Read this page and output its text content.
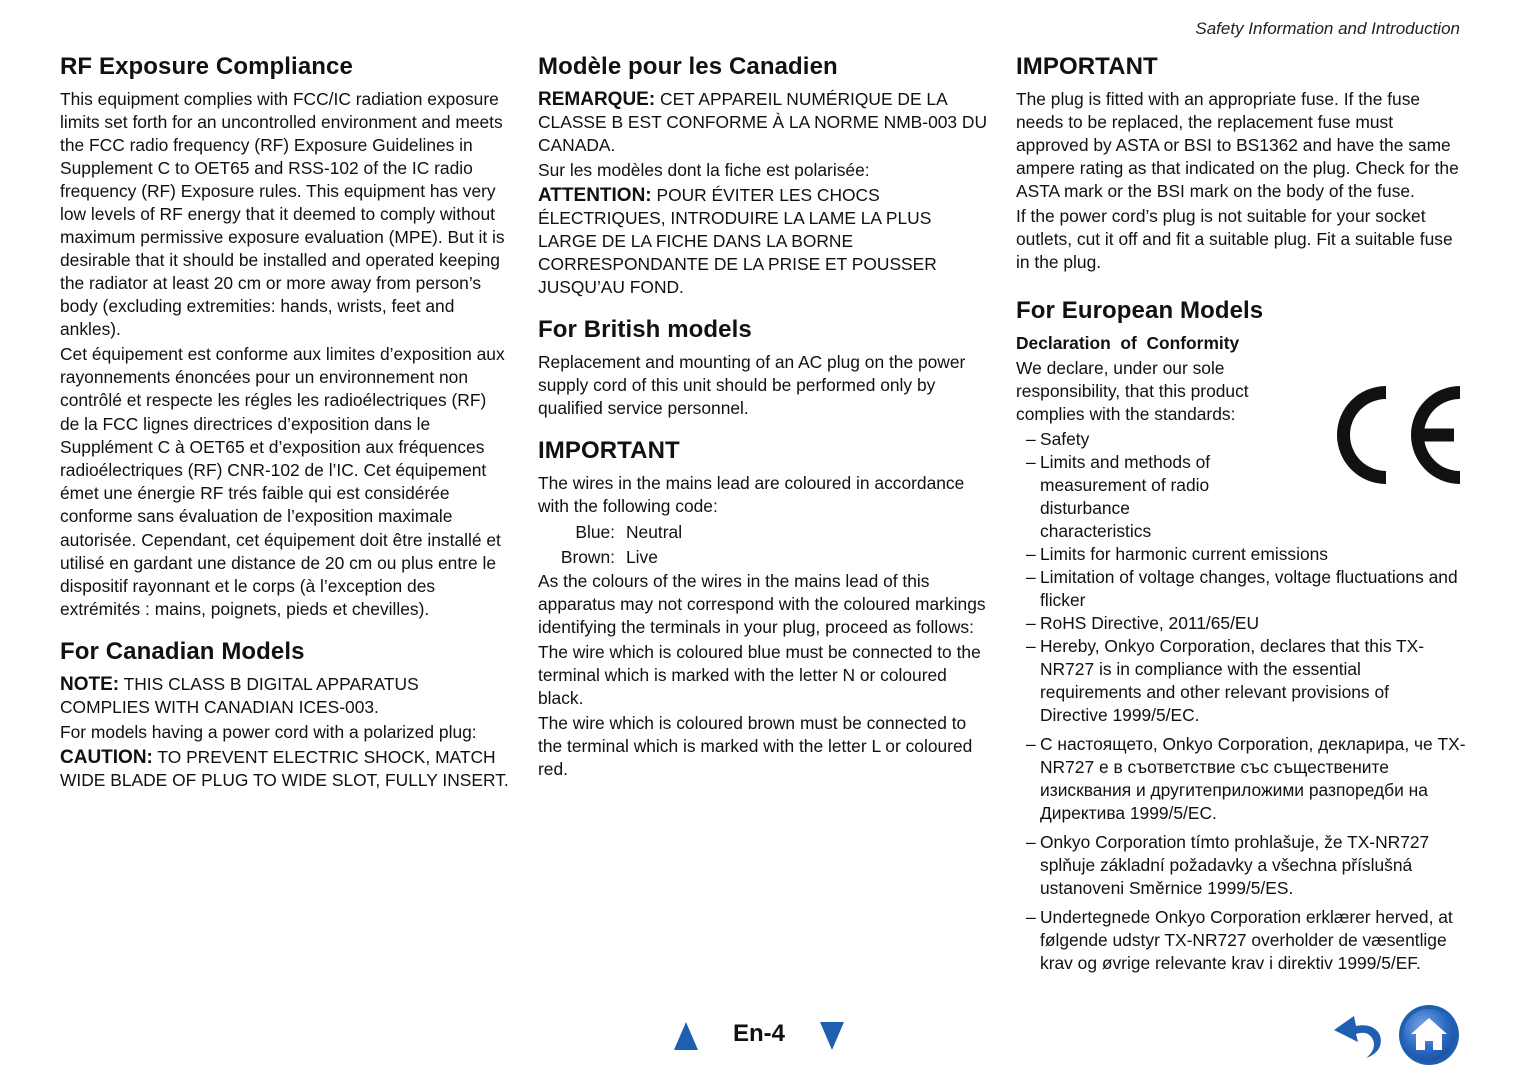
Safety Information and Introduction
RF Exposure Compliance

This equipment complies with FCC/IC radiation exposure limits set forth for an uncontrolled environment and meets the FCC radio frequency (RF) Exposure Guidelines in Supplement C to OET65 and RSS-102 of the IC radio frequency (RF) Exposure rules. This equipment has very low levels of RF energy that it deemed to comply without maximum permissive exposure evaluation (MPE). But it is desirable that it should be installed and operated keeping the radiator at least 20 cm or more away from person’s body (excluding extremities: hands, wrists, feet and ankles).

Cet équipement est conforme aux limites d’exposition aux rayonnements énoncées pour un environnement non contrôlé et respecte les régles les radioélectriques (RF) de la FCC lignes directrices d’exposition dans le Supplément C à OET65 et d’exposition aux fréquences radioélectriques (RF) CNR-102 de l’IC. Cet équipement émet une énergie RF trés faible qui est considérée conforme sans évaluation de l’exposition maximale autorisée. Cependant, cet équipement doit être installé et utilisé en gardant une distance de 20 cm ou plus entre le dispositif rayonnant et le corps (à l’exception des extrémités : mains, poignets, pieds et chevilles).

For Canadian Models

NOTE: THIS CLASS B DIGITAL APPARATUS COMPLIES WITH CANADIAN ICES-003.

For models having a power cord with a polarized plug:

CAUTION: TO PREVENT ELECTRIC SHOCK, MATCH WIDE BLADE OF PLUG TO WIDE SLOT, FULLY INSERT.

Modèle pour les Canadien

REMARQUE: CET APPAREIL NUMÉRIQUE DE LA CLASSE B EST CONFORME À LA NORME NMB-003 DU CANADA.

Sur les modèles dont la fiche est polarisée:

ATTENTION: POUR ÉVITER LES CHOCS ÉLECTRIQUES, INTRODUIRE LA LAME LA PLUS LARGE DE LA FICHE DANS LA BORNE CORRESPONDANTE DE LA PRISE ET POUSSER JUSQU’AU FOND.

For British models

Replacement and mounting of an AC plug on the power supply cord of this unit should be performed only by qualified service personnel.

IMPORTANT

The wires in the mains lead are coloured in accordance with the following code:

Blue: Neutral
Brown: Live

As the colours of the wires in the mains lead of this apparatus may not correspond with the coloured markings identifying the terminals in your plug, proceed as follows:

The wire which is coloured blue must be connected to the terminal which is marked with the letter N or coloured black.

The wire which is coloured brown must be connected to the terminal which is marked with the letter L or coloured red.

IMPORTANT

The plug is fitted with an appropriate fuse. If the fuse needs to be replaced, the replacement fuse must approved by ASTA or BSI to BS1362 and have the same ampere rating as that indicated on the plug. Check for the ASTA mark or the BSI mark on the body of the fuse.

If the power cord’s plug is not suitable for your socket outlets, cut it off and fit a suitable plug. Fit a suitable fuse in the plug.

For European Models
Declaration  of  Conformity

We declare, under our sole responsibility, that this product complies with the standards:

– Safety
– Limits and methods of measurement of radio disturbance characteristics
– Limits for harmonic current emissions
– Limitation of voltage changes, voltage fluctuations and flicker
– RoHS Directive, 2011/65/EU
– Hereby, Onkyo Corporation, declares that this TX-NR727 is in compliance with the essential requirements and other relevant provisions of Directive 1999/5/EC.
– С настоящето, Onkyo Corporation, декларира, че TX-NR727 е в съответствие със съществените изисквания и другитеприложими разпоредби на Директива 1999/5/ЕС.
– Onkyo Corporation tímto prohlašuje, že TX-NR727 splňuje základní požadavky a všechna příslušná ustanoveni Směrnice 1999/5/ES.
– Undertegnede Onkyo Corporation erklærer herved, at følgende udstyr TX-NR727 overholder de væsentlige krav og øvrige relevante krav i direktiv 1999/5/EF.
En-4
